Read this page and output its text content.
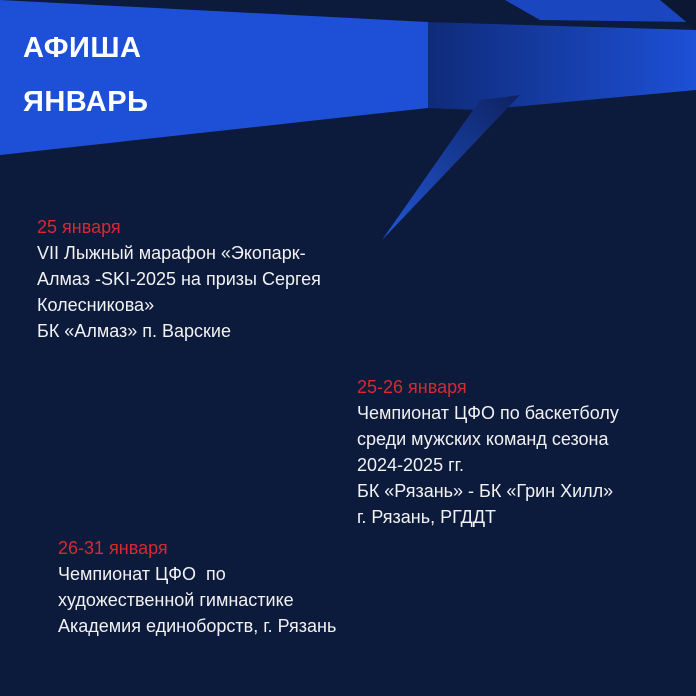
АФИША
ЯНВАРЬ
25 января
VII Лыжный марафон «Экопарк-
Алмаз -SKI-2025 на призы Сергея
Колесникова»
БК «Алмаз» п. Варские
25-26 января
Чемпионат ЦФО по баскетболу
среди мужских команд сезона
2024-2025 гг.
БК «Рязань» - БК «Грин Хилл»
г. Рязань, РГДДТ
26-31 января
Чемпионат ЦФО  по
художественной гимнастике
Академия единоборств, г. Рязань
